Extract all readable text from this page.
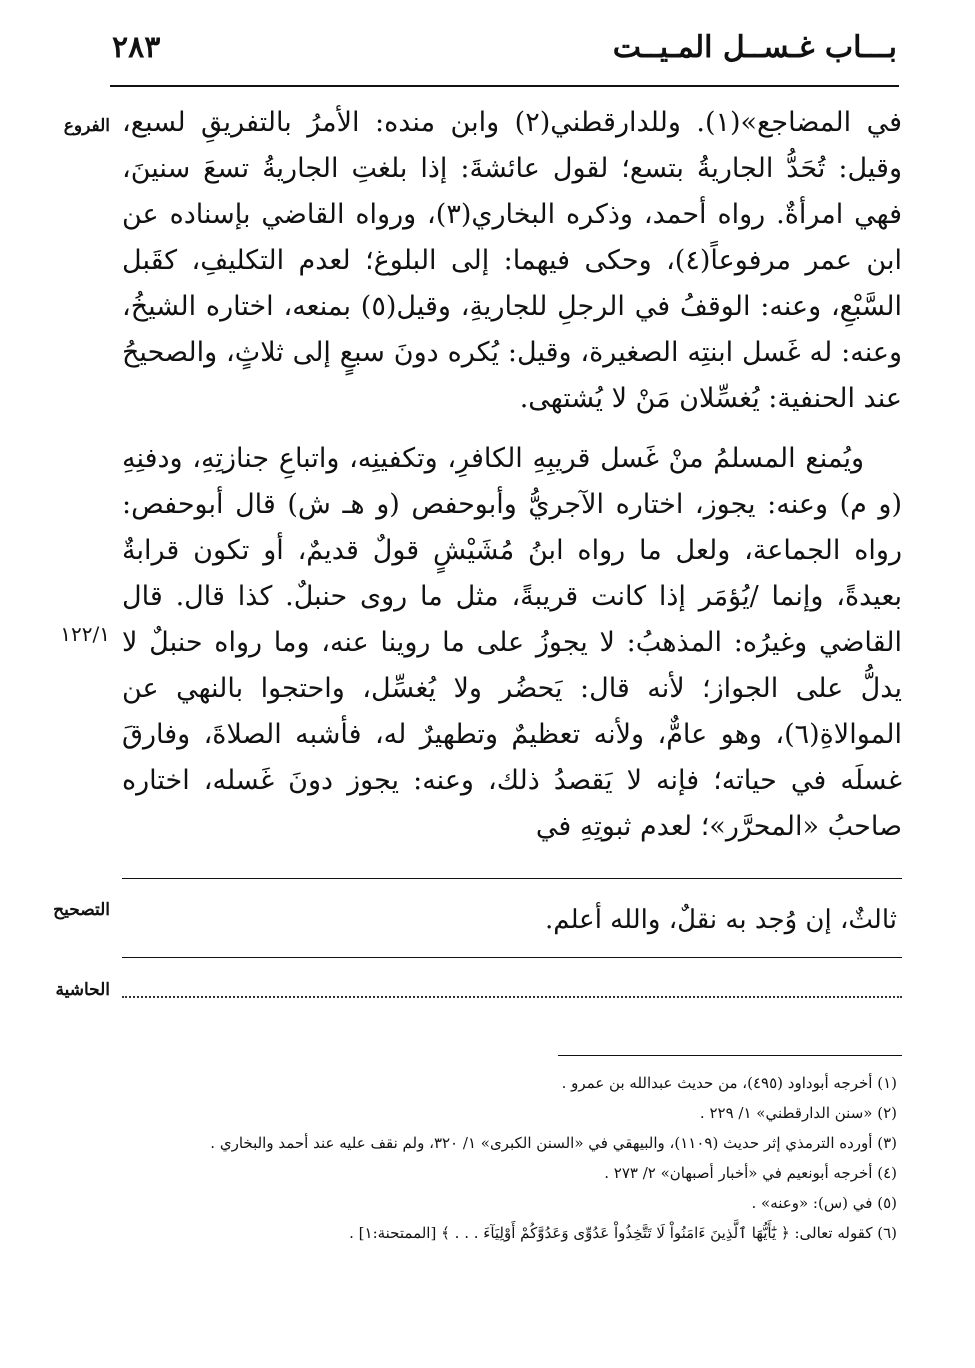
٢٨٣	بـــاب غـســل المـيــت
الفروع
١٢٢/١

في المضاجع»(١). وللدارقطني(٢) وابن منده: الأمرُ بالتفريقِ لسبع، وقيل: تُحَدُّ الجاريةُ بتسع؛ لقول عائشةَ: إذا بلغتِ الجاريةُ تسعَ سنينَ، فهي امرأةٌ. رواه أحمد، وذكره البخاري(٣)، ورواه القاضي بإسناده عن ابن عمر مرفوعاً(٤)، وحكى فيهما: إلى البلوغ؛ لعدم التكليفِ، كقَبل السَّبْعِ، وعنه: الوقفُ في الرجلِ للجاريةِ، وقيل(٥) بمنعه، اختاره الشيخُ، وعنه: له غَسل ابنتِه الصغيرة، وقيل: يُكره دونَ سبعٍ إلى ثلاثٍ، والصحيحُ عند الحنفية: يُغسِّلان مَنْ لا يُشتهى.

ويُمنع المسلمُ منْ غَسل قريبِهِ الكافرِ، وتكفينِه، واتباعِ جنازتِهِ، ودفنِهِ (و م) وعنه: يجوز، اختاره الآجريُّ وأبوحفص (و هـ ش) قال أبوحفص: رواه الجماعة، ولعل ما رواه ابنُ مُشَيْشٍ قولٌ قديمٌ، أو تكون قرابةٌ بعيدةً، وإنما /يُؤمَر إذا كانت قريبةً، مثل ما روى حنبلٌ. كذا قال. قال القاضي وغيرُه: المذهبُ: لا يجوزُ على ما روينا عنه، وما رواه حنبلٌ لا يدلُّ على الجواز؛ لأنه قال: يَحضُر ولا يُغسِّل، واحتجوا بالنهي عن الموالاةِ(٦)، وهو عامٌّ، ولأنه تعظيمٌ وتطهيرٌ له، فأشبه الصلاةَ، وفارقَ غسلَه في حياته؛ فإنه لا يَقصدُ ذلك، وعنه: يجوز دونَ غَسله، اختاره صاحبُ «المحرَّر»؛ لعدم ثبوتِهِ في

التصحيح	ثالثٌ، إن وُجد به نقلٌ، والله أعلم.
الحاشية
(١) أخرجه أبوداود (٤٩٥)، من حديث عبدالله بن عمرو .
(٢) «سنن الدارقطني» ١/ ٢٢٩ .
(٣) أورده الترمذي إثر حديث (١١٠٩)، والبيهقي في «السنن الكبرى» ١/ ٣٢٠، ولم نقف عليه عند أحمد والبخاري .
(٤) أخرجه أبونعيم في «أخبار أصبهان» ٢/ ٢٧٣ .
(٥) في (س): «وعنه» .
(٦) كقوله تعالى: ﴿ يَٰٓأَيُّهَا ٱلَّذِينَ ءَامَنُواْ لَا تَتَّخِذُواْ عَدُوِّى وَعَدُوَّكُمْ أَوْلِيَآءَ . . . ﴾ [الممتحنة:١] .
